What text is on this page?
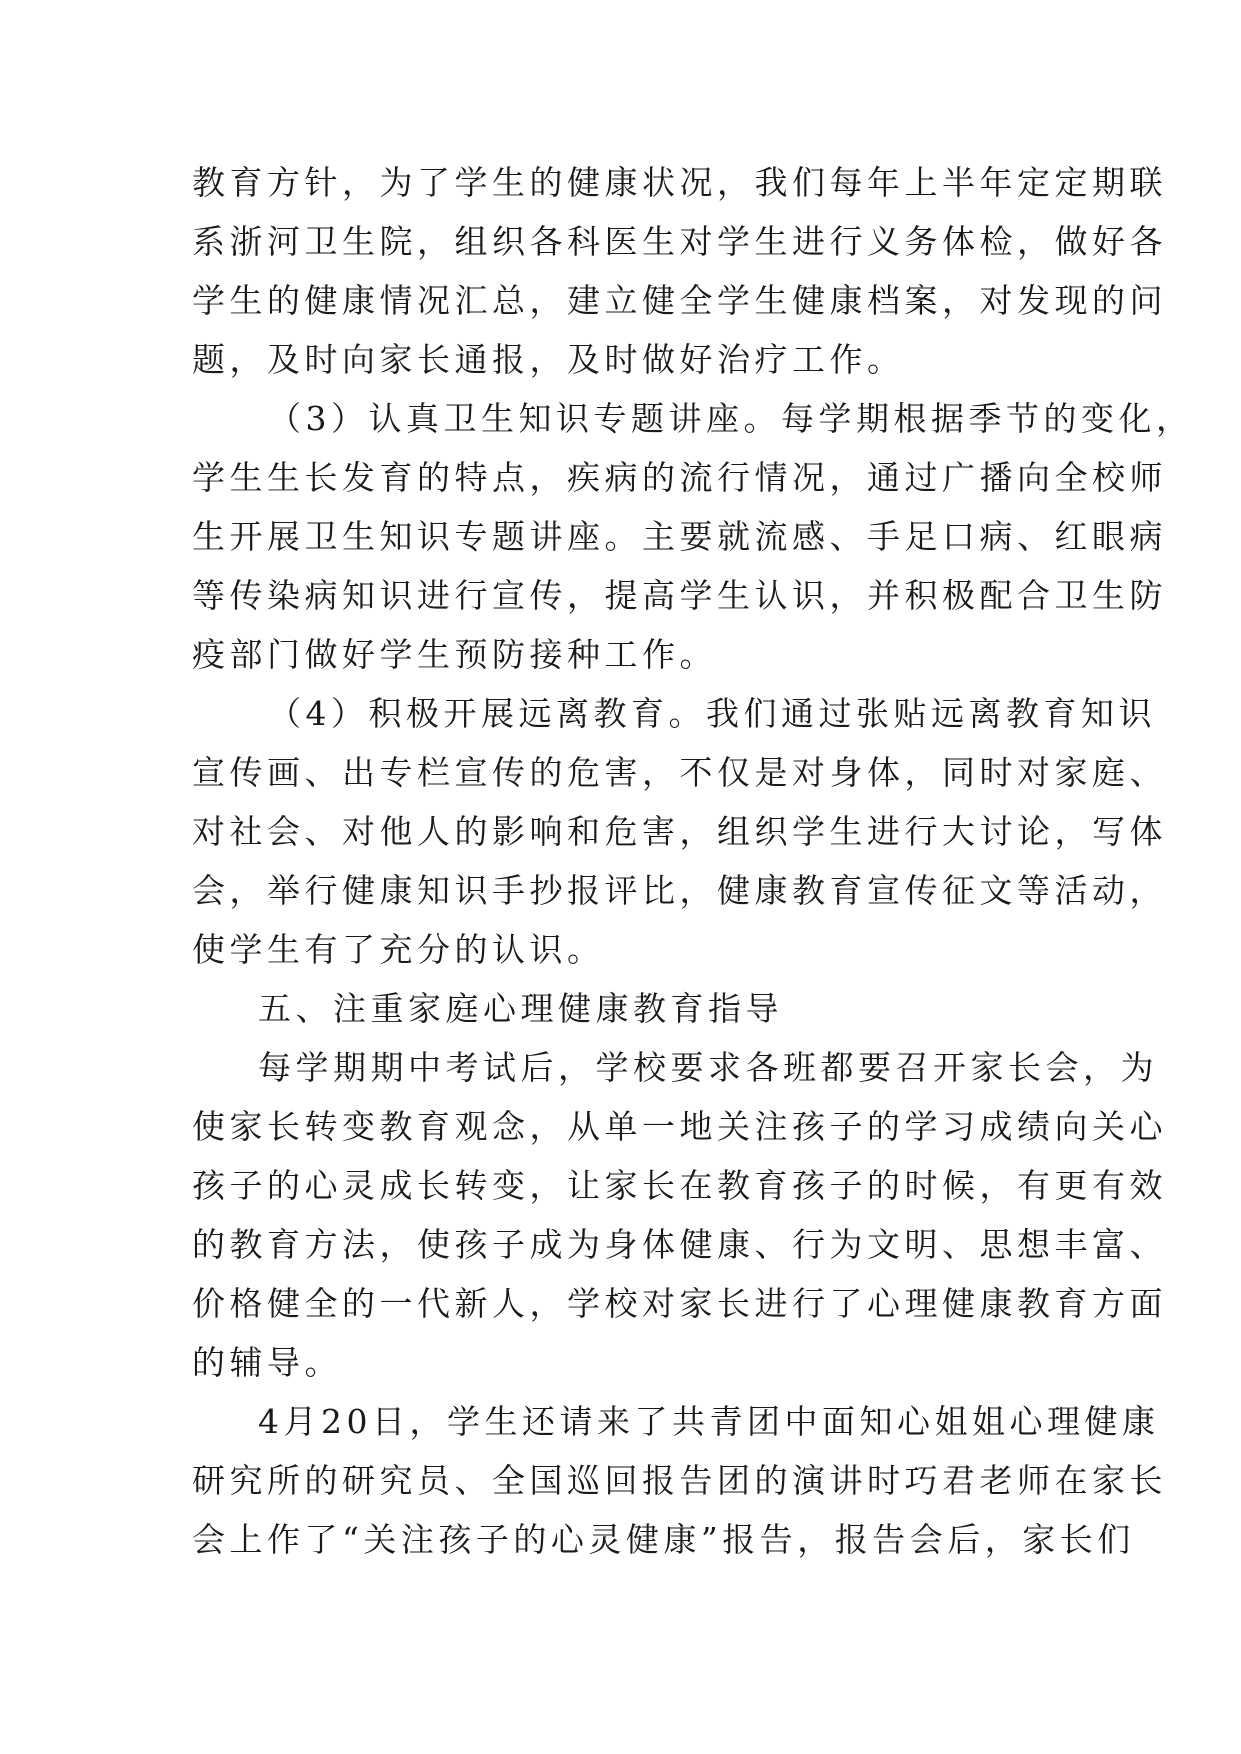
教育方针，为了学生的健康状况，我们每年上半年定定期联
系浙河卫生院，组织各科医生对学生进行义务体检，做好各
学生的健康情况汇总，建立健全学生健康档案，对发现的问
题，及时向家长通报，及时做好治疗工作。
（3）认真卫生知识专题讲座。每学期根据季节的变化，
学生生长发育的特点，疾病的流行情况，通过广播向全校师
生开展卫生知识专题讲座。主要就流感、手足口病、红眼病
等传染病知识进行宣传，提高学生认识，并积极配合卫生防
疫部门做好学生预防接种工作。
（4）积极开展远离教育。我们通过张贴远离教育知识
宣传画、出专栏宣传的危害，不仅是对身体，同时对家庭、
对社会、对他人的影响和危害，组织学生进行大讨论，写体
会，举行健康知识手抄报评比，健康教育宣传征文等活动，
使学生有了充分的认识。
五、注重家庭心理健康教育指导
每学期期中考试后，学校要求各班都要召开家长会，为
使家长转变教育观念，从单一地关注孩子的学习成绩向关心
孩子的心灵成长转变，让家长在教育孩子的时候，有更有效
的教育方法，使孩子成为身体健康、行为文明、思想丰富、
价格健全的一代新人，学校对家长进行了心理健康教育方面
的辅导。
4月20日，学生还请来了共青团中面知心姐姐心理健康
研究所的研究员、全国巡回报告团的演讲时巧君老师在家长
会上作了“关注孩子的心灵健康”报告，报告会后，家长们
